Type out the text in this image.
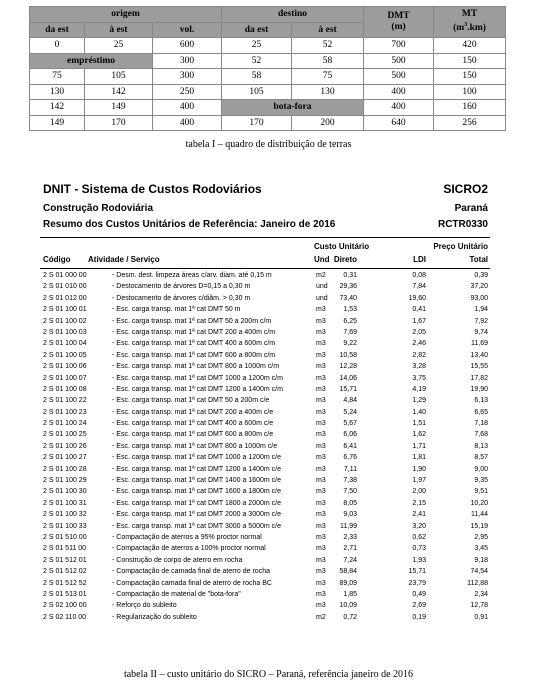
origem			destino		DMT
(m)	MT
$(m^3.km)$
da est	à est	vol.	da est	à est		
0	25	600	25	52	700	420
empréstimo		300	52	58	500	150
75	105	300	58	75	500	150
130	142	250	105	130	400	100
142	149	400	bota-fora		400	160
149	170	400	170	200	640	256
tabela I – quadro de distribuição de terras
DNIT - Sistema de Custos Rodoviários	SICRO2
Construção Rodoviária	Paraná
Resumo dos Custos Unitários de Referência: Janeiro de 2016	RCTR0330
Custo Unitário	Preço Unitário
Código Atividade / Serviço	Und Direto	LDI	Total
2 S 01 000 00	- Desm. dest. limpeza áreas c/arv. diam. até 0,15 m	m2	0,31	0,08	0,39
2 S 01 010 00	- Destocamento de árvores D=0,15 a 0,30 m	und 29,36	7,84	37,20
2 S 01 012 00	- Destocamento de árvores c/diâm. > 0,30 m	und 73,40	19,60	93,00
2 S 01 100 01	- Esc. carga transp. mat 1ª cat DMT 50 m	m3	1,53	0,41	1,94
2 S 01 100 02	- Esc. carga transp. mat 1ª cat DMT 50 a 200m c/m	m3	6,25	1,67	7,92
2 S 01 100 03	- Esc. carga transp. mat 1ª cat DMT 200 a 400m c/m	m3	7,69	2,05	9,74
2 S 01 100 04	- Esc. carga transp. mat 1ª cat DMT 400 a 600m c/m	m3	9,22	2,46	11,69
2 S 01 100 05	- Esc. carga transp. mat 1ª cat DMT 600 a 800m c/m	m3 10,58	2,82	13,40
2 S 01 100 06	- Esc. carga transp. mat 1ª cat DMT 800 a 1000m c/m	m3 12,28	3,28	15,55
2 S 01 100 07	- Esc. carga transp. mat 1ª cat DMT 1000 a 1200m c/m	m3 14,06	3,75	17,82
2 S 01 100 08	- Esc. carga transp. mat 1ª cat DMT 1200 a 1400m c/m	m3 15,71	4,19	19,90
2 S 01 100 22	- Esc. carga transp. mat 1ª cat DMT 50 a 200m c/e	m3	4,84	1,29	6,13
2 S 01 100 23	- Esc. carga transp. mat 1ª cat DMT 200 a 400m c/e	m3	5,24	1,40	6,65
2 S 01 100 24	- Esc. carga transp. mat 1ª cat DMT 400 a 600m c/e	m3	5,67	1,51	7,18
2 S 01 100 25	- Esc. carga transp. mat 1ª cat DMT 600 a 800m c/e	m3	6,06	1,62	7,68
2 S 01 100 26	- Esc. carga transp. mat 1ª cat DMT 800 a 1000m c/e	m3	6,41	1,71	8,13
2 S 01 100 27	- Esc. carga transp. mat 1ª cat DMT 1000 a 1200m c/e	m3	6,76	1,81	8,57
2 S 01 100 28	- Esc. carga transp. mat 1ª cat DMT 1200 a 1400m c/e	m3	7,11	1,90	9,00
2 S 01 100 29	- Esc. carga transp. mat 1ª cat DMT 1400 a 1600m c/e	m3	7,38	1,97	9,35
2 S 01 100 30	- Esc. carga transp. mat 1ª cat DMT 1600 a 1800m c/e	m3	7,50	2,00	9,51
2 S 01 100 31	- Esc. carga transp. mat 1ª cat DMT 1800 a 2000m c/e	m3	8,05	2,15	10,20
2 S 01 100 32	- Esc. carga transp. mat 1ª cat DMT 2000 a 3000m c/e	m3	9,03	2,41	11,44
2 S 01 100 33	- Esc. carga transp. mat 1ª cat DMT 3000 a 5000m c/e	m3 11,99	3,20	15,19
2 S 01 510 00	- Compactação de aterros a 95% proctor normal	m3	2,33	0,62	2,95
2 S 01 511 00	- Compactação de aterros a 100% proctor normal	m3	2,71	0,73	3,45
2 S 01 512 01	- Construção de corpo de aterro em rocha	m3	7,24	1,93	9,18
2 S 01 512 02	- Compactação de camada final de aterro de rocha	m3 58,84	15,71	74,54
2 S 01 512 52	- Compactação camada final de aterro de rocha BC	m3 89,09	23,79	112,88
2 S 01 513 01	- Compactação de material de "bota-fora"	m3	1,85	0,49	2,34
2 S 02 100 00	- Reforço do subleito	m3 10,09	2,69	12,78
2 S 02 110 00	- Regularização do subleito	m2	0,72	0,19	0,91
tabela II – custo unitário do SICRO – Paraná, referência janeiro de 2016
